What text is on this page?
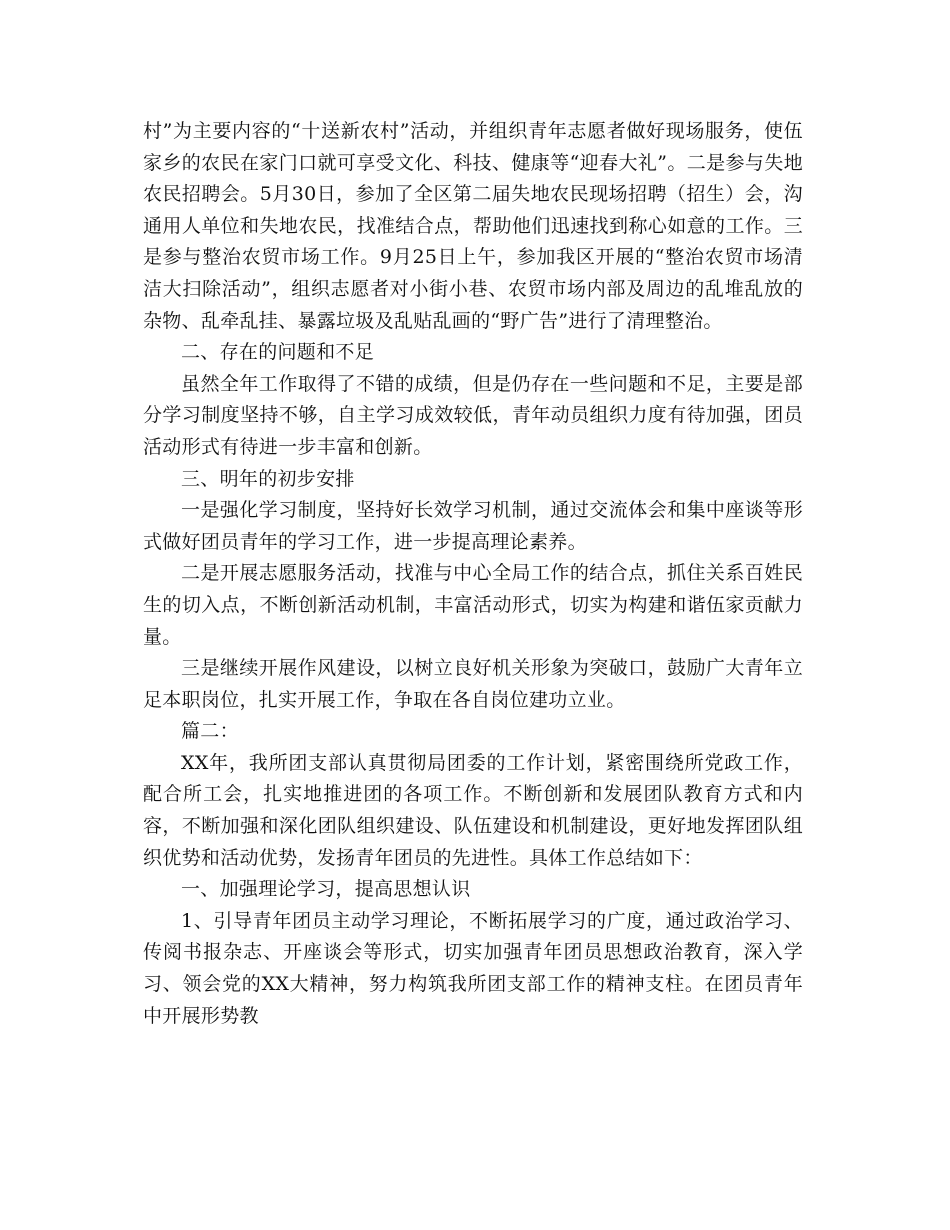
村”为主要内容的“十送新农村”活动，并组织青年志愿者做好现场服务，使伍家乡的农民在家门口就可享受文化、科技、健康等“迎春大礼”。二是参与失地农民招聘会。5月30日，参加了全区第二届失地农民现场招聘（招生）会，沟通用人单位和失地农民，找准结合点，帮助他们迅速找到称心如意的工作。三是参与整治农贸市场工作。9月25日上午，参加我区开展的“整治农贸市场清洁大扫除活动”，组织志愿者对小街小巷、农贸市场内部及周边的乱堆乱放的杂物、乱牵乱挂、暴露垃圾及乱贴乱画的“野广告”进行了清理整治。

二、存在的问题和不足

虽然全年工作取得了不错的成绩，但是仍存在一些问题和不足，主要是部分学习制度坚持不够，自主学习成效较低，青年动员组织力度有待加强，团员活动形式有待进一步丰富和创新。

三、明年的初步安排

一是强化学习制度，坚持好长效学习机制，通过交流体会和集中座谈等形式做好团员青年的学习工作，进一步提高理论素养。

二是开展志愿服务活动，找准与中心全局工作的结合点，抓住关系百姓民生的切入点，不断创新活动机制，丰富活动形式，切实为构建和谐伍家贡献力量。

三是继续开展作风建设，以树立良好机关形象为突破口，鼓励广大青年立足本职岗位，扎实开展工作，争取在各自岗位建功立业。

篇二：

XX年，我所团支部认真贯彻局团委的工作计划，紧密围绕所党政工作，配合所工会，扎实地推进团的各项工作。不断创新和发展团队教育方式和内容，不断加强和深化团队组织建设、队伍建设和机制建设，更好地发挥团队组织优势和活动优势，发扬青年团员的先进性。具体工作总结如下：

一、加强理论学习，提高思想认识

1、引导青年团员主动学习理论，不断拓展学习的广度，通过政治学习、传阅书报杂志、开座谈会等形式，切实加强青年团员思想政治教育，深入学习、领会党的XX大精神，努力构筑我所团支部工作的精神支柱。在团员青年中开展形势教
